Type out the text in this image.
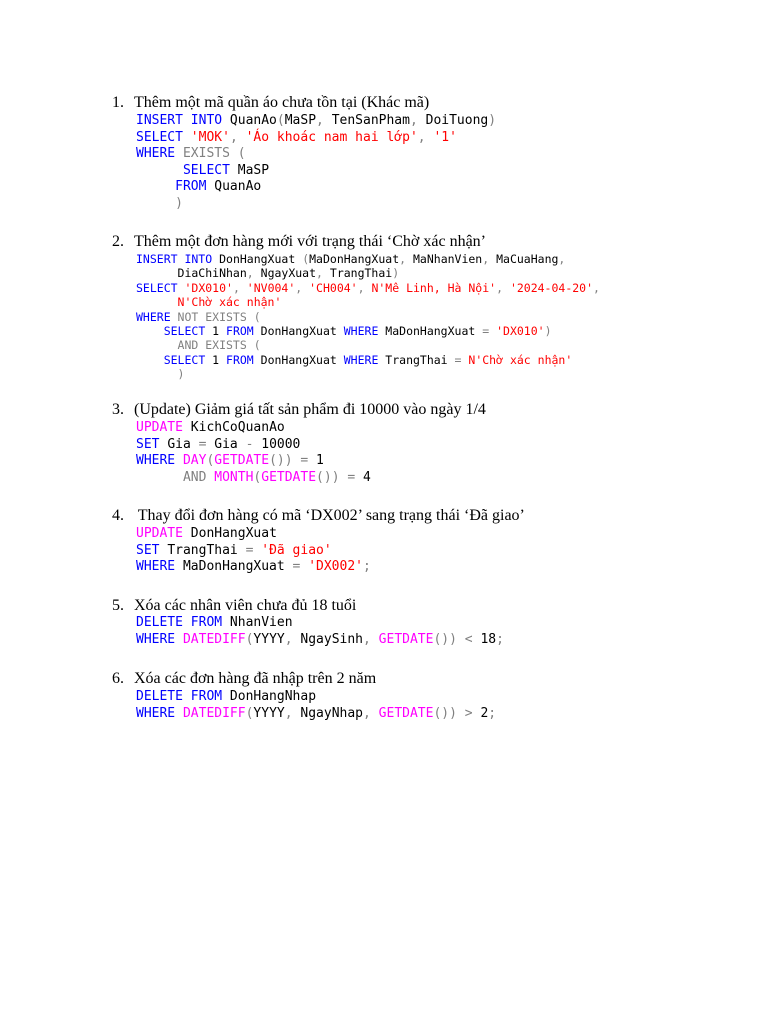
1. Thêm một mã quần áo chưa tồn tại (Khác mã)
INSERT INTO QuanAo(MaSP, TenSanPham, DoiTuong)
SELECT 'MOK', 'Áo khoác nam hai lớp', '1'
WHERE EXISTS (
SELECT MaSP
FROM QuanAo
)
2. Thêm một đơn hàng mới với trạng thái ‘Chờ xác nhận’
INSERT INTO DonHangXuat (MaDonHangXuat, MaNhanVien, MaCuaHang,
DiaChiNhan, NgayXuat, TrangThai)
SELECT 'DX010', 'NV004', 'CH004', N'Mê Linh, Hà Nội', '2024-04-20',
N'Chờ xác nhận'
WHERE NOT EXISTS (
SELECT 1 FROM DonHangXuat WHERE MaDonHangXuat = 'DX010')
AND EXISTS (
SELECT 1 FROM DonHangXuat WHERE TrangThai = N'Chờ xác nhận'
)
3. (Update) Giảm giá tất sản phẩm đi 10000 vào ngày 1/4
UPDATE KichCoQuanAo
SET Gia = Gia - 10000
WHERE DAY(GETDATE()) = 1
AND MONTH(GETDATE()) = 4
4. Thay đổi đơn hàng có mã ‘DX002’ sang trạng thái ‘Đã giao’
UPDATE DonHangXuat
SET TrangThai = 'Đã giao'
WHERE MaDonHangXuat = 'DX002';
5. Xóa các nhân viên chưa đủ 18 tuổi
DELETE FROM NhanVien
WHERE DATEDIFF(YYYY, NgaySinh, GETDATE()) < 18;
6. Xóa các đơn hàng đã nhập trên 2 năm
DELETE FROM DonHangNhap
WHERE DATEDIFF(YYYY, NgayNhap, GETDATE()) > 2;
